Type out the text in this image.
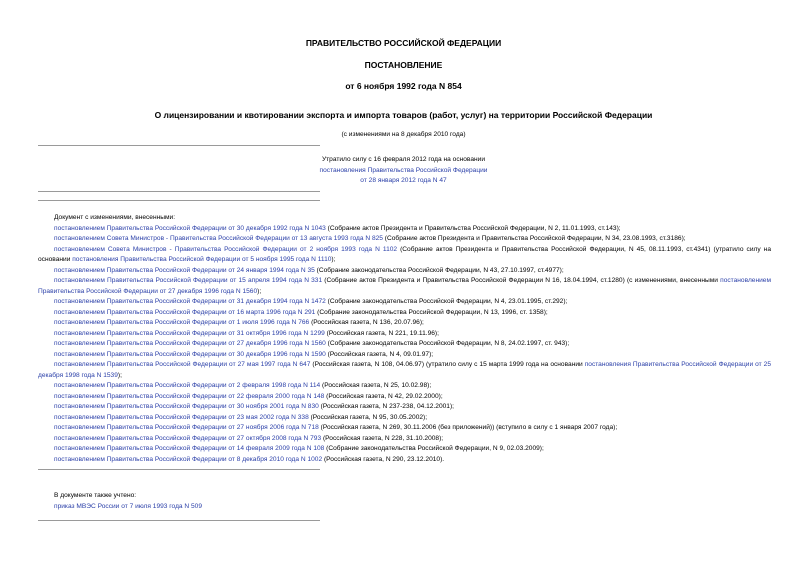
ПРАВИТЕЛЬСТВО РОССИЙСКОЙ ФЕДЕРАЦИИ
ПОСТАНОВЛЕНИЕ
от 6 ноября 1992 года N 854
О лицензировании и квотировании экспорта и импорта товаров (работ, услуг) на территории Российской Федерации
(с изменениями на 8 декабря 2010 года)
Утратило силу с 16 февраля 2012 года на основании
постановления Правительства Российской Федерации
от 28 января 2012 года N 47
Документ с изменениями, внесенными:
постановлением Правительства Российской Федерации от 30 декабря 1992 года N 1043 (Собрание актов Президента и Правительства Российской Федерации, N 2, 11.01.1993, ст.143);
постановлением Совета Министров - Правительства Российской Федерации от 13 августа 1993 года N 825 (Собрание актов Президента и Правительства Российской Федерации, N 34, 23.08.1993, ст.3186);
постановлением Совета Министров - Правительства Российской Федерации от 2 ноября 1993 года N 1102 (Собрание актов Президента и Правительства Российской Федерации, N 45, 08.11.1993, ст.4341) (утратило силу на основании постановления Правительства Российской Федерации от 5 ноября 1995 года N 1110);
постановлением Правительства Российской Федерации от 24 января 1994 года N 35 (Собрание законодательства Российской Федерации, N 43, 27.10.1997, ст.4977);
постановлением Правительства Российской Федерации от 15 апреля 1994 года N 331 (Собрание актов Президента и Правительства Российской Федерации N 16, 18.04.1994, ст.1280) (с изменениями, внесенными постановлением Правительства Российской Федерации от 27 декабря 1996 года N 1560);
постановлением Правительства Российской Федерации от 31 декабря 1994 года N 1472 (Собрание законодательства Российской Федерации, N 4, 23.01.1995, ст.292);
постановлением Правительства Российской Федерации от 16 марта 1996 года N 291 (Собрание законодательства Российской Федерации, N 13, 1996, ст. 1358);
постановлением Правительства Российской Федерации от 1 июля 1996 года N 766 (Российская газета, N 136, 20.07.96);
постановлением Правительства Российской Федерации от 31 октября 1996 года N 1299 (Российская газета, N 221, 19.11.96);
постановлением Правительства Российской Федерации от 27 декабря 1996 года N 1560 (Собрание законодательства Российской Федерации, N 8, 24.02.1997, ст. 943);
постановлением Правительства Российской Федерации от 30 декабря 1996 года N 1590 (Российская газета, N 4, 09.01.97);
постановлением Правительства Российской Федерации от 27 мая 1997 года N 647 (Российская газета, N 108, 04.06.97) (утратило силу с 15 марта 1999 года на основании постановления Правительства Российской Федерации от 25 декабря 1998 года N 1539);
постановлением Правительства Российской Федерации от 2 февраля 1998 года N 114 (Российская газета, N 25, 10.02.98);
постановлением Правительства Российской Федерации от 22 февраля 2000 года N 148 (Российская газета, N 42, 29.02.2000);
постановлением Правительства Российской Федерации от 30 ноября 2001 года N 830 (Российская газета, N 237-238, 04.12.2001);
постановлением Правительства Российской Федерации от 23 мая 2002 года N 338 (Российская газета, N 95, 30.05.2002);
постановлением Правительства Российской Федерации от 27 ноября 2006 года N 718 (Российская газета, N 269, 30.11.2006 (без приложений)) (вступило в силу с 1 января 2007 года);
постановлением Правительства Российской Федерации от 27 октября 2008 года N 793 (Российская газета, N 228, 31.10.2008);
постановлением Правительства Российской Федерации от 14 февраля 2009 года N 108 (Собрание законодательства Российской Федерации, N 9, 02.03.2009);
постановлением Правительства Российской Федерации от 8 декабря 2010 года N 1002 (Российская газета, N 290, 23.12.2010).
В документе также учтено:
приказ МВЭС России от 7 июля 1993 года N 509
